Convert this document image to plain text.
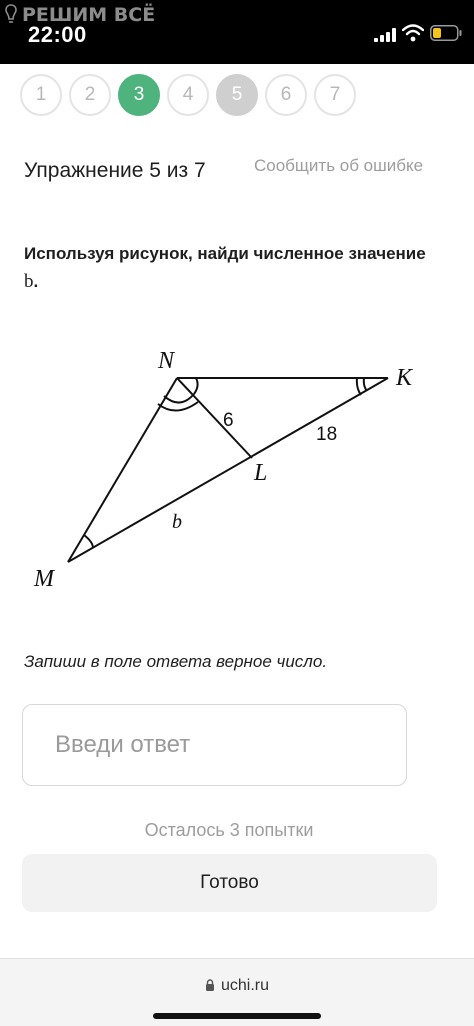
РЕШИМ ВСЁ
22:00
1	2	3	4	5	6	7
Упражнение 5 из 7	Сообщить об ошибке
Используя рисунок, найди численное значение b.
N
K
L
M
6
18
b
Запиши в поле ответа верное число.
Введи ответ
Осталось 3 попытки
Готово
uchi.ru
